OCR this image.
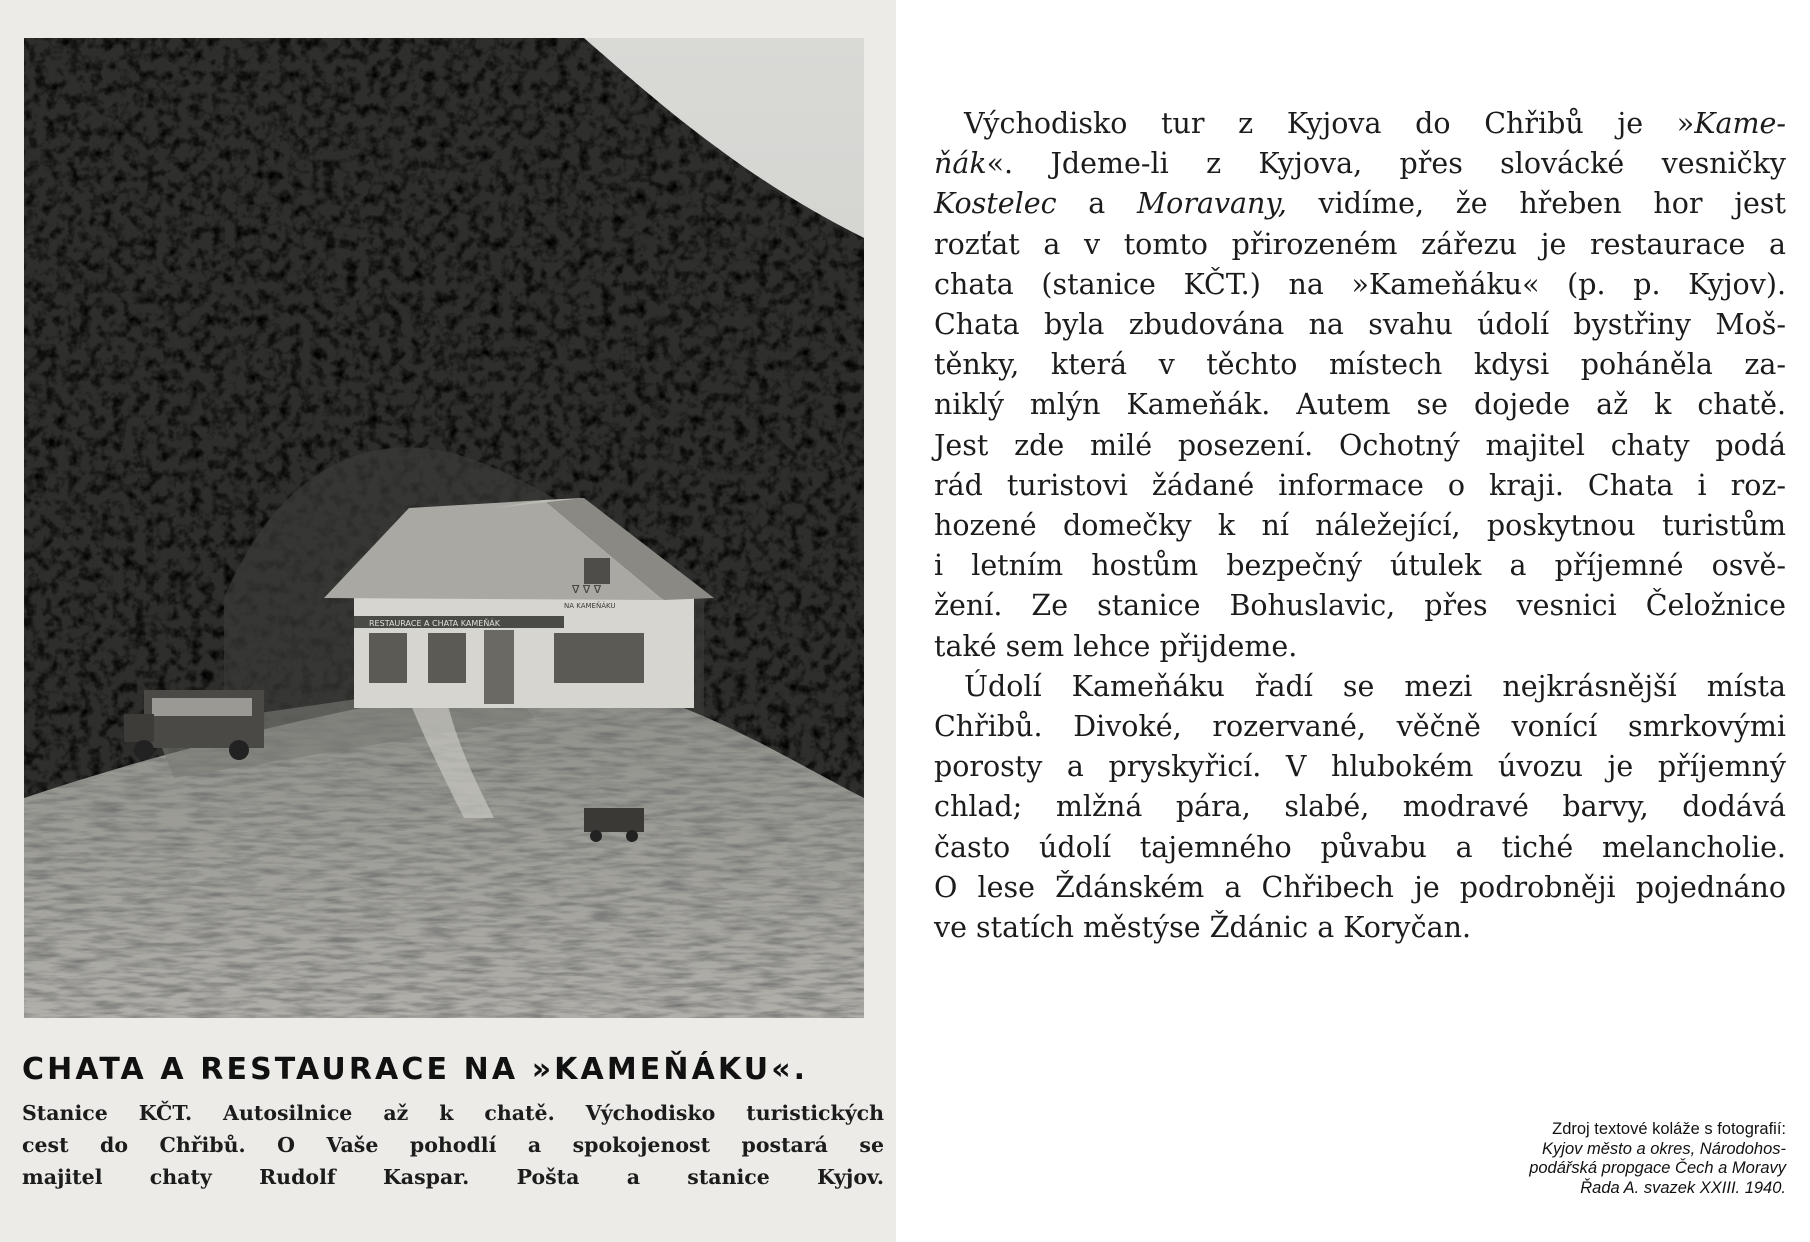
RESTAURACE A CHATA KAMEŇÁK
∇ ∇ ∇
NA KAMEŇÁKU
CHATA A RESTAURACE NA »KAMEŇÁKU«.
Stanice KČT. Autosilnice až k chatě. Východisko turistických
cest do Chřibů. O Vaše pohodlí a spokojenost postará se
majitel chaty Rudolf Kaspar. Pošta a stanice Kyjov.
Východisko tur z Kyjova do Chřibů je »Kame-
ňák«. Jdeme-li z Kyjova, přes slovácké vesničky
Kostelec a Moravany, vidíme, že hřeben hor jest
rozťat a v tomto přirozeném zářezu je restaurace a
chata (stanice KČT.) na »Kameňáku« (p. p. Kyjov).
Chata byla zbudována na svahu údolí bystřiny Moš-
těnky, která v těchto místech kdysi poháněla za-
niklý mlýn Kameňák. Autem se dojede až k chatě.
Jest zde milé posezení. Ochotný majitel chaty podá
rád turistovi žádané informace o kraji. Chata i roz-
hozené domečky k ní náležející, poskytnou turistům
i letním hostům bezpečný útulek a příjemné osvě-
žení. Ze stanice Bohuslavic, přes vesnici Čeložnice
také sem lehce přijdeme.
Údolí Kameňáku řadí se mezi nejkrásnější místa
Chřibů. Divoké, rozervané, věčně vonící smrkovými
porosty a pryskyřicí. V hlubokém úvozu je příjemný
chlad; mlžná pára, slabé, modravé barvy, dodává
často údolí tajemného půvabu a tiché melancholie.
O lese Ždánském a Chřibech je podrobněji pojednáno
ve statích městýse Ždánic a Koryčan.
Zdroj textové koláže s fotografií:
Kyjov město a okres, Národohos-
podářská propgace Čech a Moravy
Řada A. svazek XXIII. 1940.
